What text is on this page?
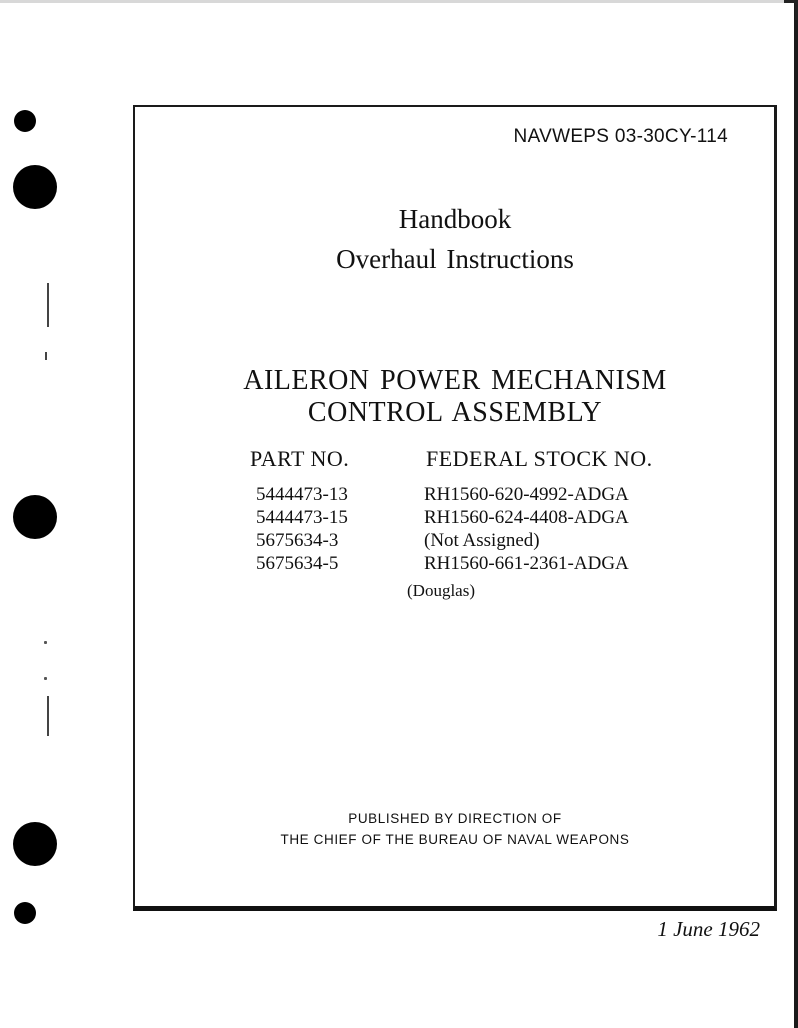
NAVWEPS 03-30CY-114
Handbook
Overhaul Instructions
AILERON POWER MECHANISM
CONTROL ASSEMBLY
PART NO.	FEDERAL STOCK NO.
5444473-13	RH1560-620-4992-ADGA
5444473-15	RH1560-624-4408-ADGA
5675634-3	(Not Assigned)
5675634-5	RH1560-661-2361-ADGA
(Douglas)
PUBLISHED BY DIRECTION OF
THE CHIEF OF THE BUREAU OF NAVAL WEAPONS
1 June 1962
